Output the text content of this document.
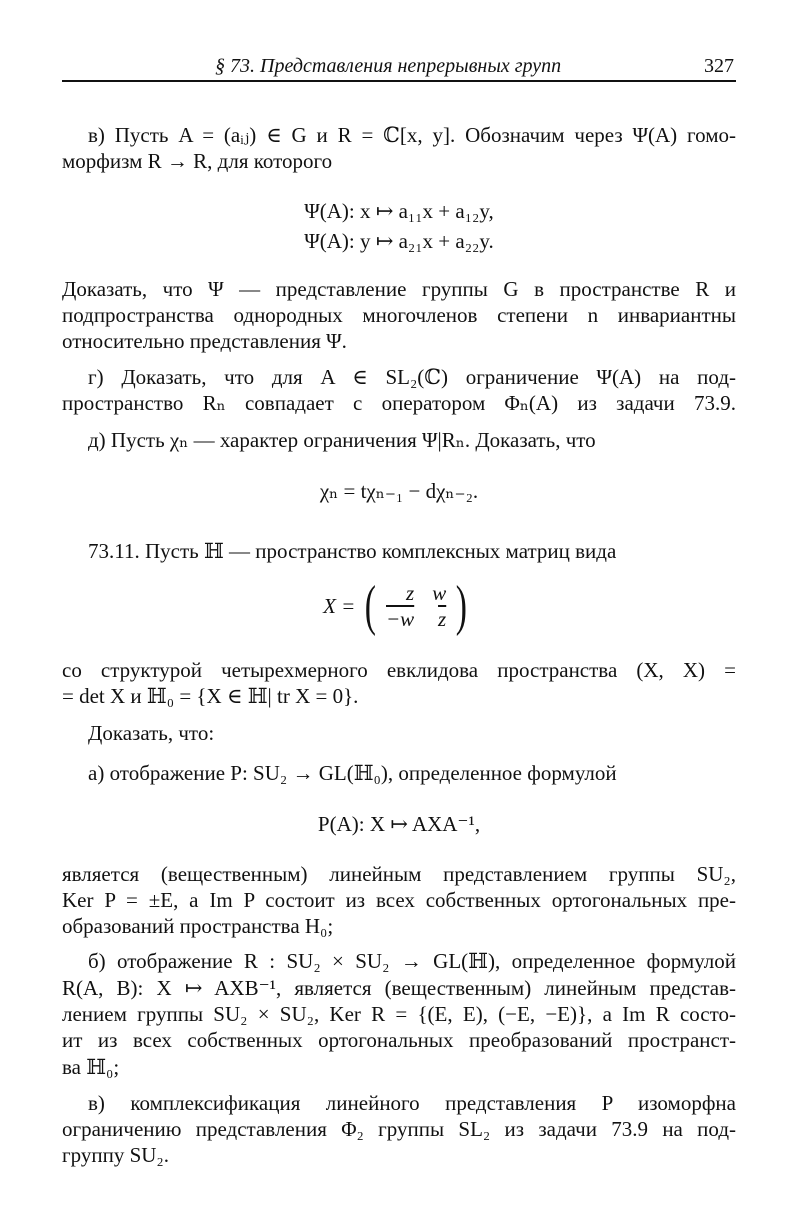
§ 73. Представления непрерывных групп	327
в) Пусть A = (aᵢⱼ) ∈ G и R = ℂ[x, y]. Обозначим через Ψ(A) гомо-
морфизм R → R, для которого
Ψ(A): x ↦ a₁₁x + a₁₂y,
Ψ(A): y ↦ a₂₁x + a₂₂y.
Доказать, что Ψ — представление группы G в пространстве R и
подпространства однородных многочленов степени n инвариантны
относительно представления Ψ.
г) Доказать, что для A ∈ SL₂(ℂ) ограничение Ψ(A) на под-
пространство Rₙ совпадает с оператором Φₙ(A) из задачи 73.9.
д) Пусть χₙ — характер ограничения Ψ|Rₙ. Доказать, что
χₙ = tχₙ₋₁ − dχₙ₋₂.
73.11. Пусть ℍ — пространство комплексных матриц вида
со структурой четырехмерного евклидова пространства (X, X) =
= det X и ℍ₀ = {X ∈ ℍ| tr X = 0}.
Доказать, что:
а) отображение P: SU₂ → GL(ℍ₀), определенное формулой
P(A): X ↦ AXA⁻¹,
является (вещественным) линейным представлением группы SU₂,
Ker P = ±E, а Im P состоит из всех собственных ортогональных пре-
образований пространства H₀;
б) отображение R : SU₂ × SU₂ → GL(ℍ), определенное формулой
R(A, B): X ↦ AXB⁻¹, является (вещественным) линейным представ-
лением группы SU₂ × SU₂, Ker R = {(E, E), (−E, −E)}, а Im R состо-
ит из всех собственных ортогональных преобразований пространст-
ва ℍ₀;
в) комплексификация линейного представления P изоморфна
ограничению представления Φ₂ группы SL₂ из задачи 73.9 на под-
группу SU₂.
X = (	z w
−w $\overline{z}$ )
